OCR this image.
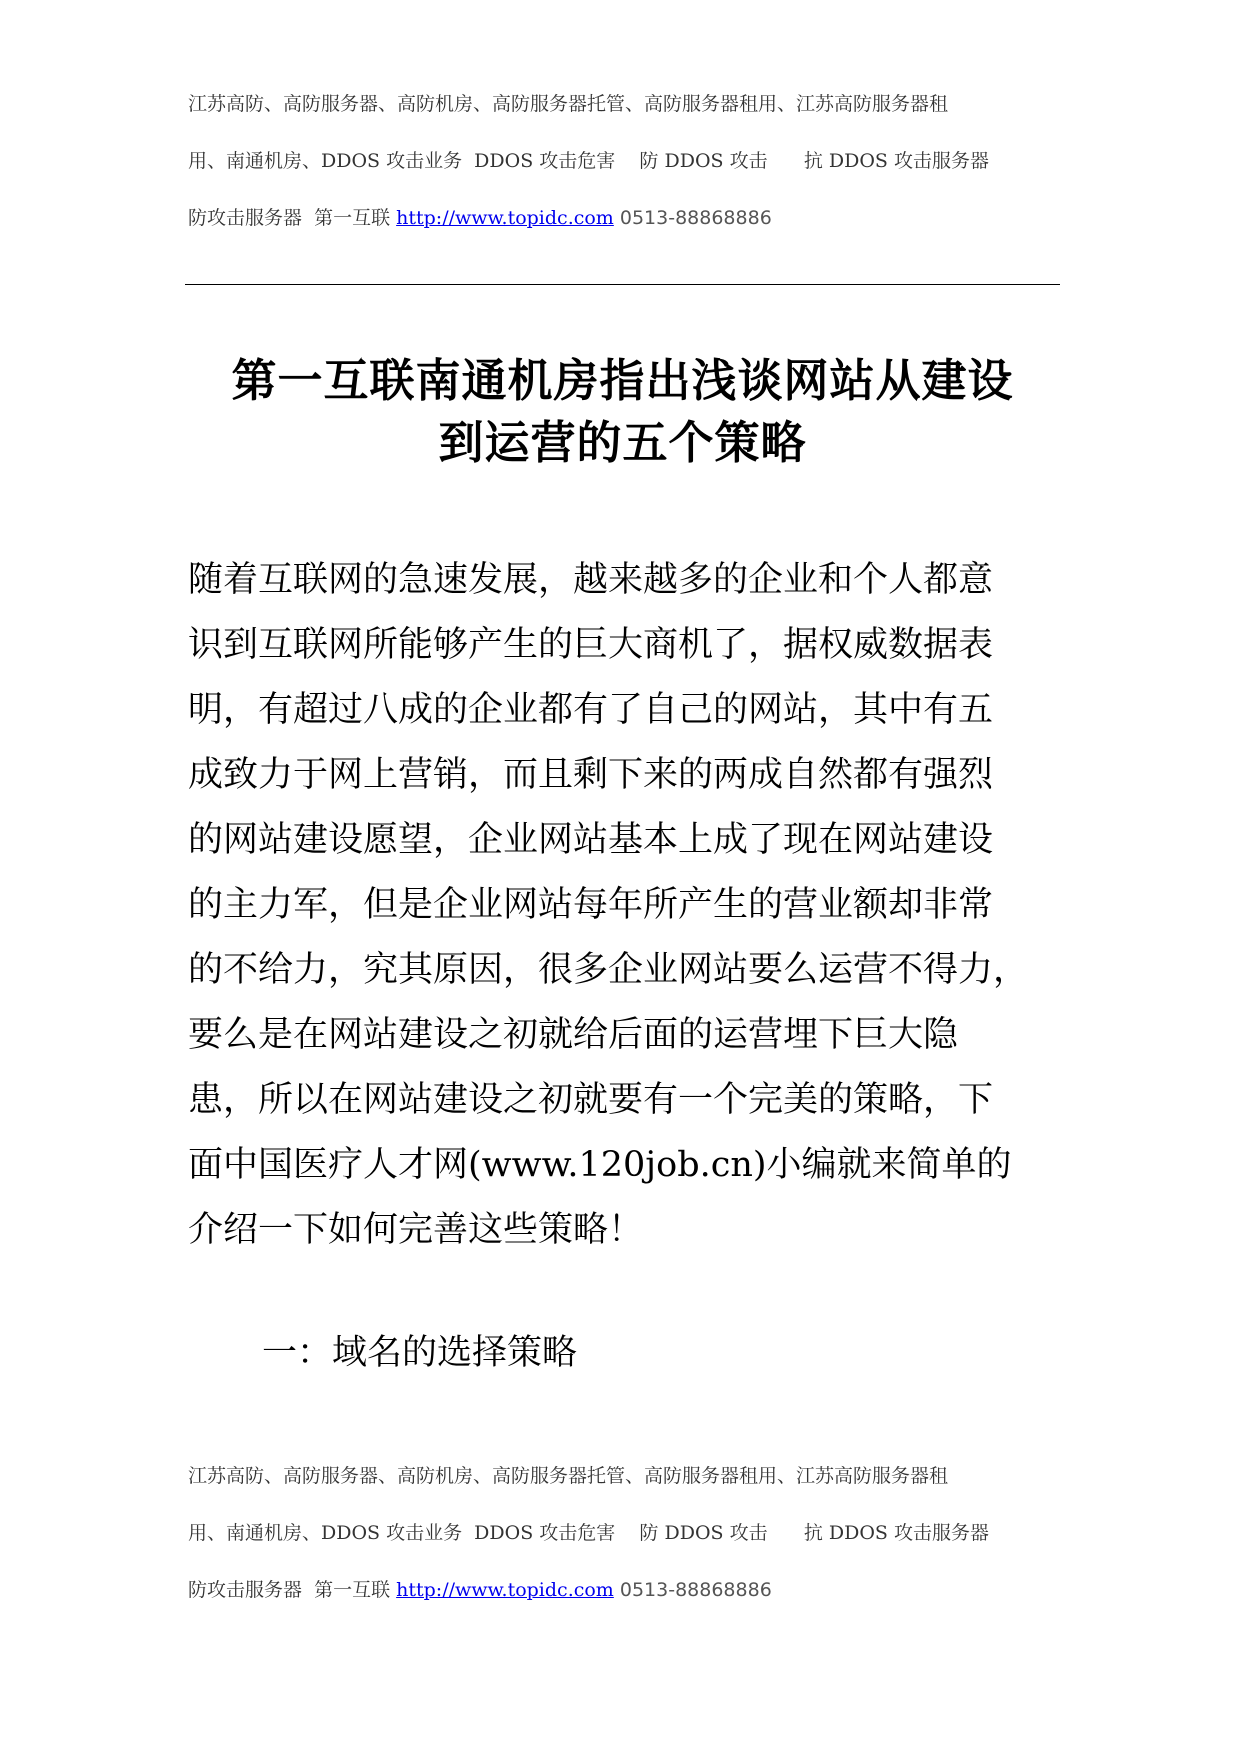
江苏高防、高防服务器、高防机房、高防服务器托管、高防服务器租用、江苏高防服务器租
用、南通机房、DDOS 攻击业务  DDOS 攻击危害    防 DDOS 攻击      抗 DDOS 攻击服务器
防攻击服务器  第一互联 http://www.topidc.com 0513-88868886
第一互联南通机房指出浅谈网站从建设
到运营的五个策略
随着互联网的急速发展，越来越多的企业和个人都意
识到互联网所能够产生的巨大商机了，据权威数据表
明，有超过八成的企业都有了自己的网站，其中有五
成致力于网上营销，而且剩下来的两成自然都有强烈
的网站建设愿望，企业网站基本上成了现在网站建设
的主力军，但是企业网站每年所产生的营业额却非常
的不给力，究其原因，很多企业网站要么运营不得力，
要么是在网站建设之初就给后面的运营埋下巨大隐
患，所以在网站建设之初就要有一个完美的策略，下
面中国医疗人才网(www.120job.cn)小编就来简单的
介绍一下如何完善这些策略！
一：域名的选择策略
江苏高防、高防服务器、高防机房、高防服务器托管、高防服务器租用、江苏高防服务器租
用、南通机房、DDOS 攻击业务  DDOS 攻击危害    防 DDOS 攻击      抗 DDOS 攻击服务器
防攻击服务器  第一互联 http://www.topidc.com 0513-88868886
